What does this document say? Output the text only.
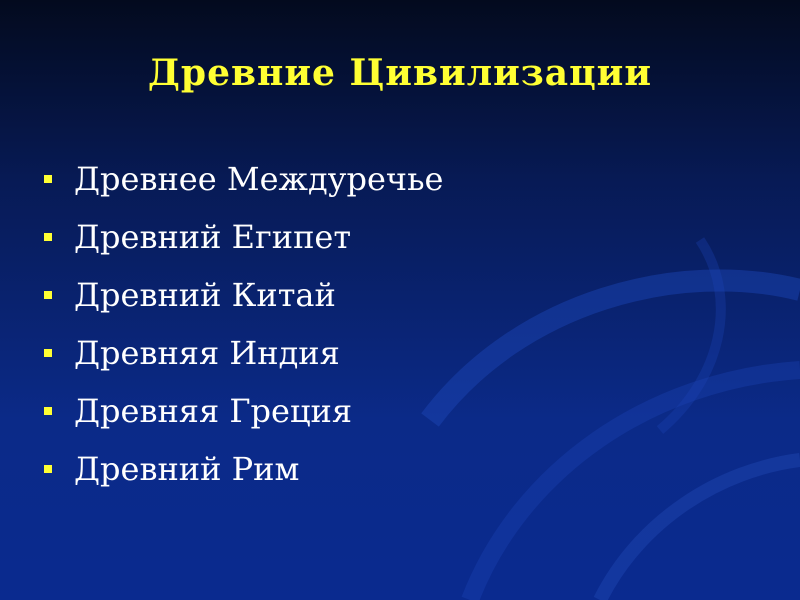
Древние Цивилизации
Древнее Междуречье
Древний Египет
Древний Китай
Древняя Индия
Древняя Греция
Древний Рим
